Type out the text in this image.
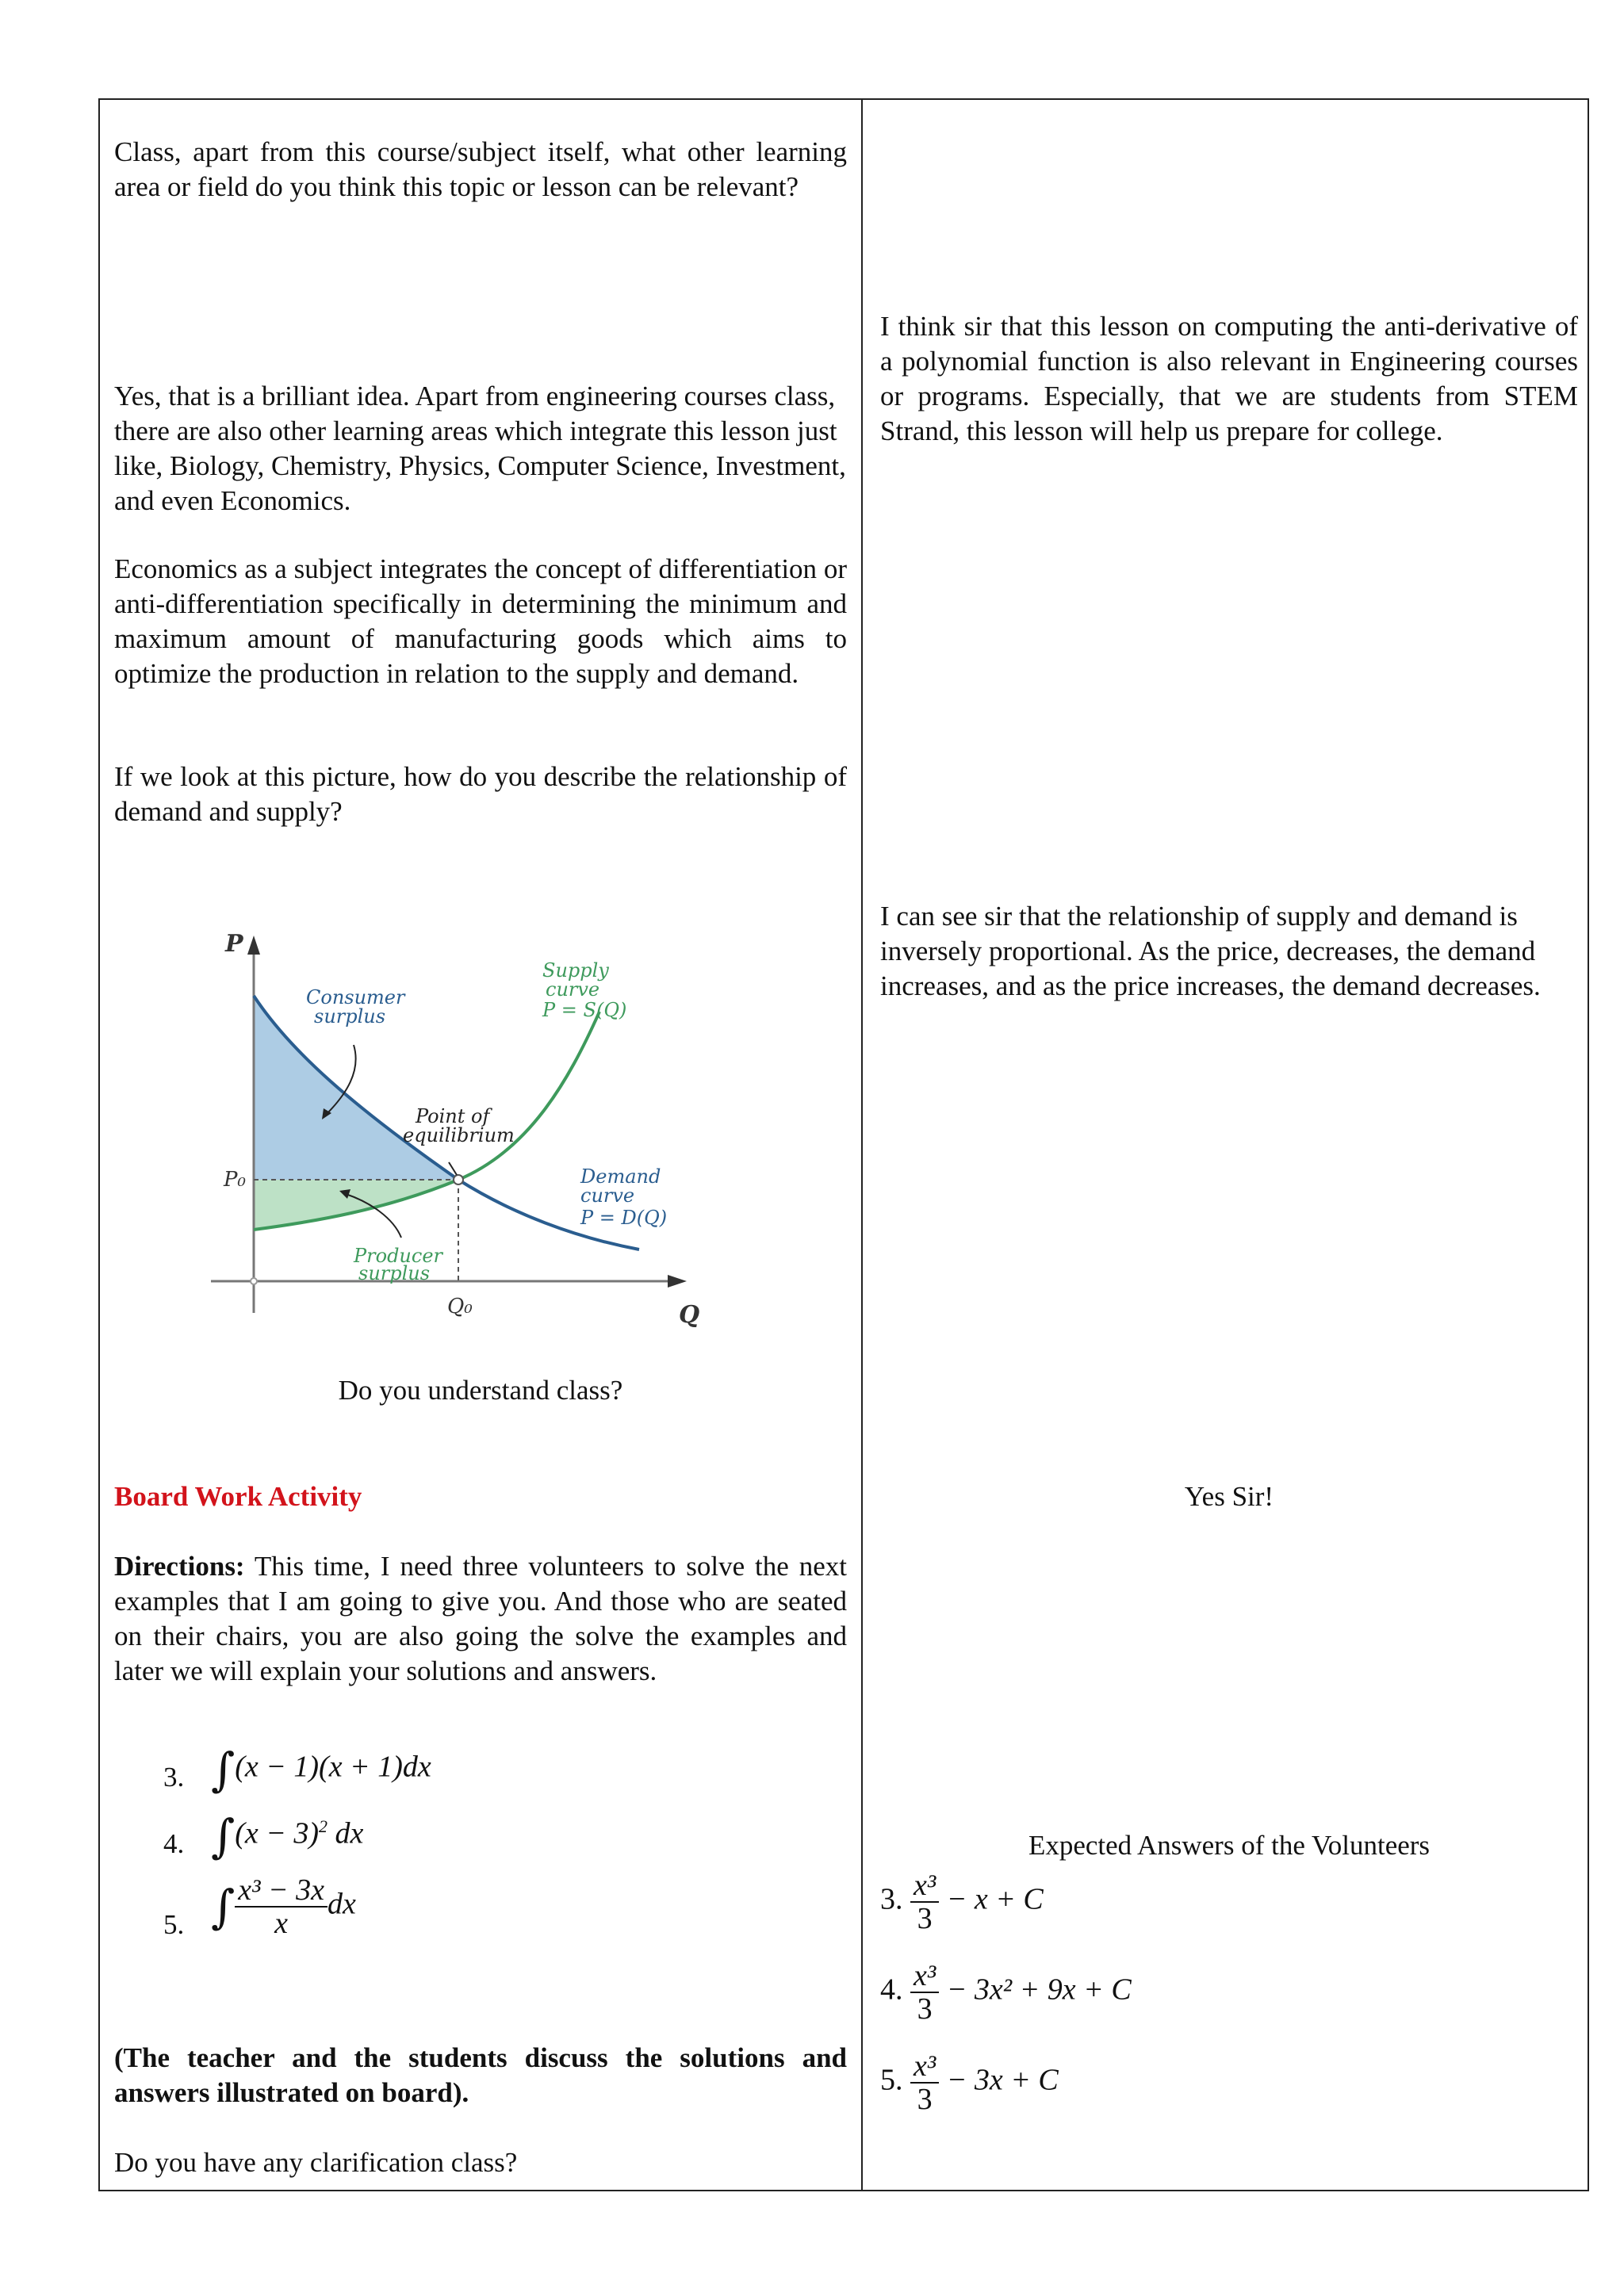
Class, apart from this course/subject itself, what other learning area or field do you think this topic or lesson can be relevant?
Yes, that is a brilliant idea. Apart from engineering courses class, there are also other learning areas which integrate this lesson just like, Biology, Chemistry, Physics, Computer Science, Investment, and even Economics.
Economics as a subject integrates the concept of differentiation or anti-differentiation specifically in determining the minimum and maximum amount of manufacturing goods which aims to optimize the production in relation to the supply and demand.
If we look at this picture, how do you describe the relationship of demand and supply?
P
Q
P₀
Q₀
Consumer
surplus
Supply
curve
P = S(Q)
Point of
equilibrium
Demand
curve
P = D(Q)
Producer
surplus
Do you understand class?
Board Work Activity
Directions: This time, I need three volunteers to solve the next examples that I am going to give you. And those who are seated on their chairs, you are also going the solve the examples and later we will explain your solutions and answers.
3. ∫(x − 1)(x + 1)dx
4. $\int(x - 3)^2$ dx
5. ∫ $\frac{\text{x³ − 3x}}{x}$ dx
(The teacher and the students discuss the solutions and answers illustrated on board).
Do you have any clarification class?
I think sir that this lesson on computing the anti-derivative of a polynomial function is also relevant in Engineering courses or programs. Especially, that we are students from STEM Strand, this lesson will help us prepare for college.
I can see sir that the relationship of supply and demand is inversely proportional. As the price, decreases, the demand increases, and as the price increases, the demand decreases.
Yes Sir!
Expected Answers of the Volunteers
3. $\frac{\text{x³}}{3} - x + C$
4. $\frac{\text{x³}}{3} - 3x^2 + 9x + C$
5. $\frac{\text{x³}}{3} - 3x + C$
